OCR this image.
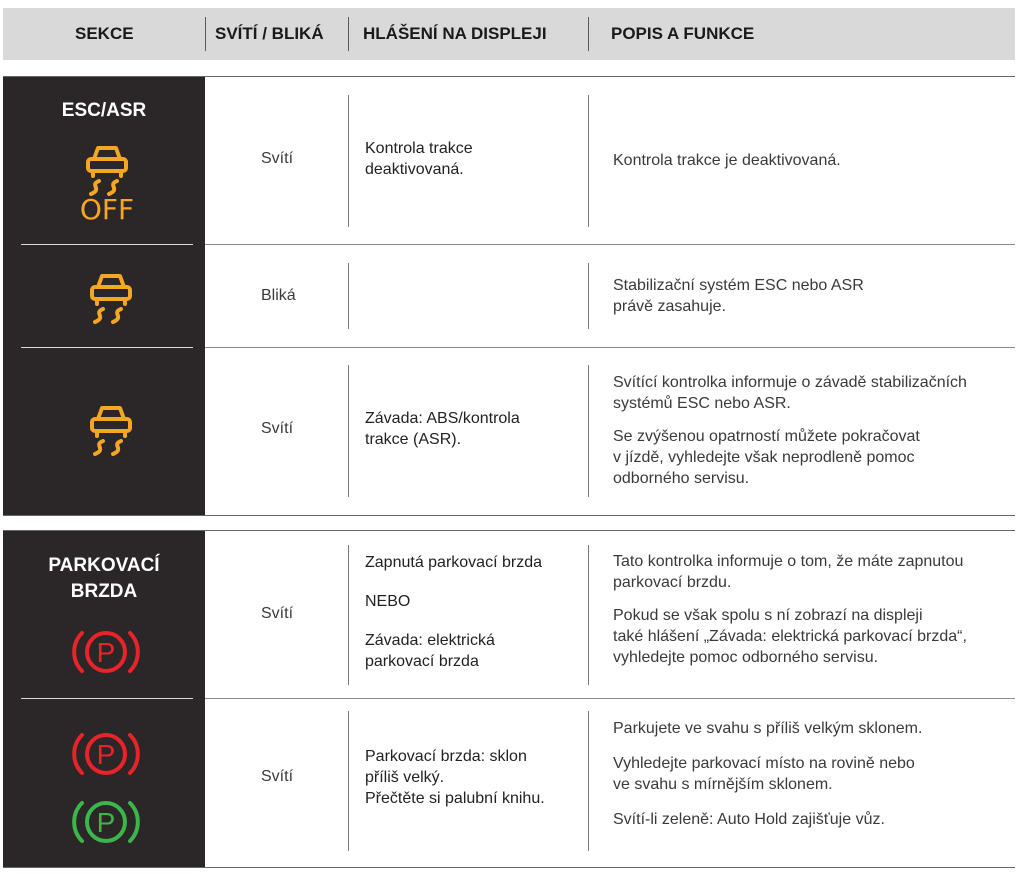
SEKCE	SVÍTÍ / BLIKÁ HLÁŠENÍ NA DISPLEJI	POPIS A FUNKCE
ESC/ASR
OFF
Svítí

Kontrola trakce

deaktivovaná.

Kontrola trakce je deaktivovaná.

Bliká

Stabilizační systém ESC nebo ASR

právě zasahuje.

Svítí

Závada: ABS/kontrola

trakce (ASR).

Svítící kontrolka informuje o závadě stabilizačních

systémů ESC nebo ASR.

Se zvýšenou opatrností můžete pokračovat

v jízdě, vyhledejte však neprodleně pomoc

odborného servisu.

PARKOVACÍ
BRZDA
P
P
P
Svítí

Zapnutá parkovací brzda

NEBO

Závada: elektrická

parkovací brzda

Tato kontrolka informuje o tom, že máte zapnutou

parkovací brzdu.

Pokud se však spolu s ní zobrazí na displeji

také hlášení „Závada: elektrická parkovací brzda“,

vyhledejte pomoc odborného servisu.

Svítí

Parkovací brzda: sklon

příliš velký.

Přečtěte si palubní knihu.

Parkujete ve svahu s příliš velkým sklonem.

Vyhledejte parkovací místo na rovině nebo

ve svahu s mírnějším sklonem.

Svítí-li zeleně: Auto Hold zajišťuje vůz.
